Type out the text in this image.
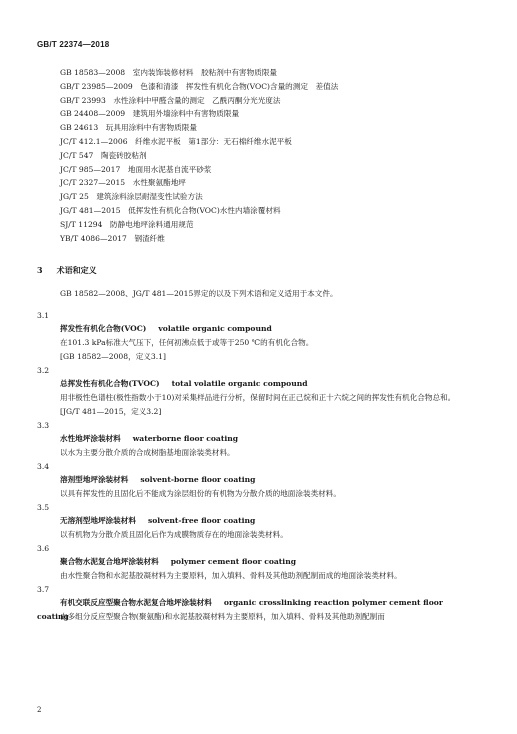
GB/T 22374—2018
GB 18583—2008　室内装饰装修材料　胶粘剂中有害物质限量
GB/T 23985—2009　色漆和清漆　挥发性有机化合物(VOC)含量的测定　差值法
GB/T 23993　水性涂料中甲醛含量的测定　乙酰丙酮分光光度法
GB 24408—2009　建筑用外墙涂料中有害物质限量
GB 24613　玩具用涂料中有害物质限量
JC/T 412.1—2006　纤维水泥平板　第1部分：无石棉纤维水泥平板
JC/T 547　陶瓷砖胶粘剂
JC/T 985—2017　地面用水泥基自流平砂浆
JC/T 2327—2015　水性聚氨酯地坪
JG/T 25　建筑涂料涂层耐湿变性试验方法
JG/T 481—2015　低挥发性有机化合物(VOC)水性内墙涂覆材料
SJ/T 11294　防静电地坪涂料通用规范
YB/T 4086—2017　钢渣纤维
3 术语和定义
GB 18582—2008、JG/T 481—2015界定的以及下列术语和定义适用于本文件。
3.1
挥发性有机化合物(VOC) volatile organic compound
在101.3 kPa标准大气压下，任何初沸点低于或等于250 ℃的有机化合物。
[GB 18582—2008，定义3.1]
3.2
总挥发性有机化合物(TVOC) total volatile organic compound
用非极性色谱柱(极性指数小于10)对采集样品进行分析，保留时间在正己烷和正十六烷之间的挥发性有机化合物总和。
[JG/T 481—2015，定义3.2]
3.3
水性地坪涂装材料 waterborne floor coating
以水为主要分散介质的合成树脂基地面涂装类材料。
3.4
溶剂型地坪涂装材料 solvent-borne floor coating
以具有挥发性的且固化后不能成为涂层组份的有机物为分散介质的地面涂装类材料。
3.5
无溶剂型地坪涂装材料 solvent-free floor coating
以有机物为分散介质且固化后作为成膜物质存在的地面涂装类材料。
3.6
聚合物水泥复合地坪涂装材料 polymer cement floor coating
由水性聚合物和水泥基胶凝材料为主要原料，加入填料、骨料及其他助剂配制而成的地面涂装类材料。
3.7
有机交联反应型聚合物水泥复合地坪涂装材料 organic crosslinking reaction polymer cement floor coating
由多组分反应型聚合物(聚氨酯)和水泥基胶凝材料为主要原料，加入填料、骨料及其他助剂配制而
2
